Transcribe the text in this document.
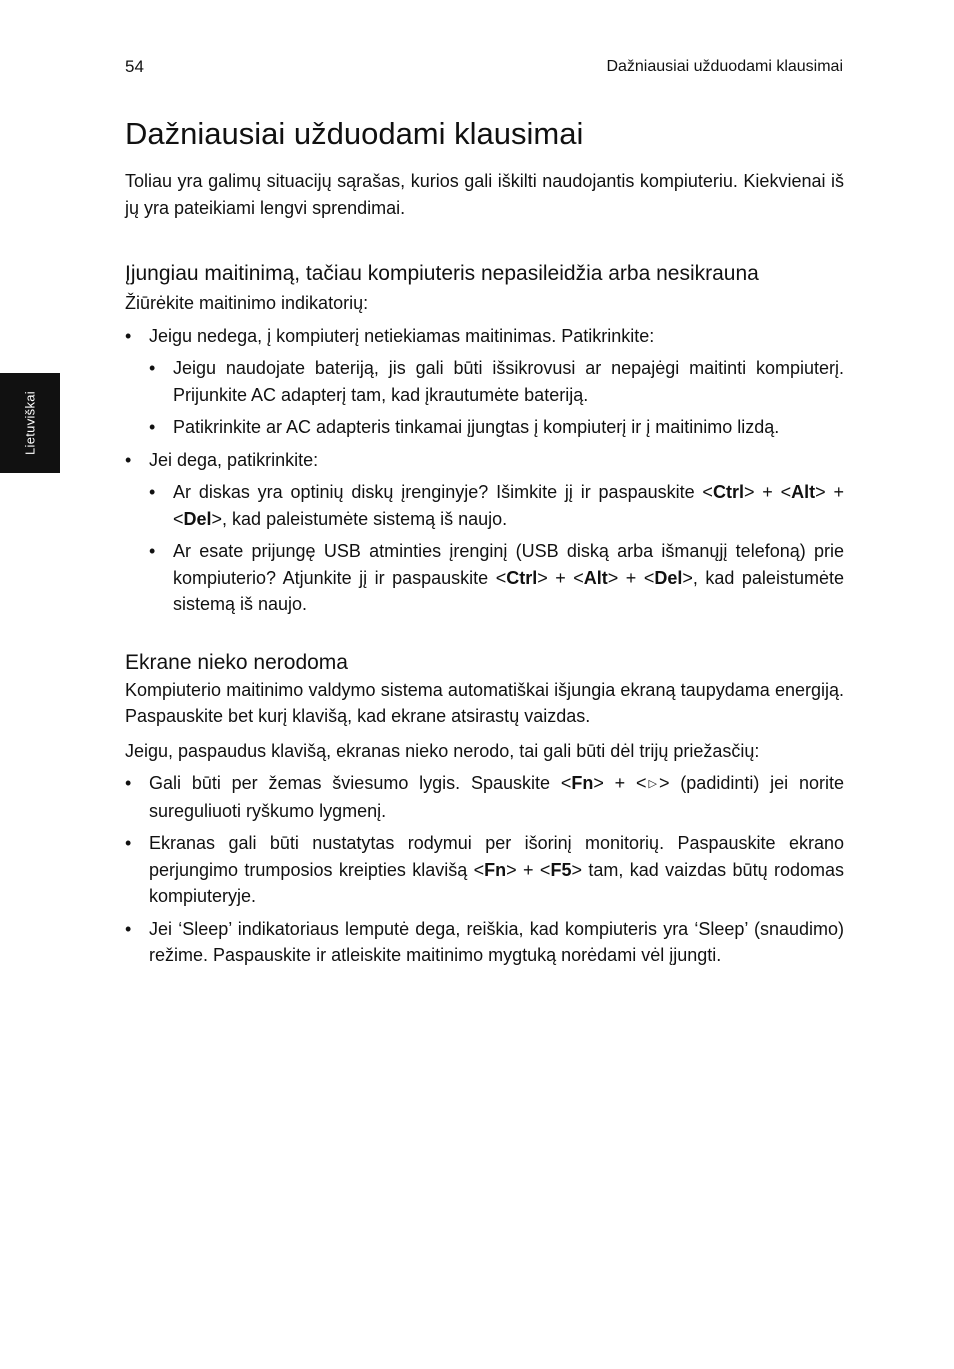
54	Dažniausiai užduodami klausimai
Lietuviškai
Dažniausiai užduodami klausimai

Toliau yra galimų situacijų sąrašas, kurios gali iškilti naudojantis kompiuteriu. Kiekvienai iš jų yra pateikiami lengvi sprendimai.

Įjungiau maitinimą, tačiau kompiuteris nepasileidžia arba nesikrauna

Žiūrėkite maitinimo indikatorių:

• Jeigu nedega, į kompiuterį netiekiamas maitinimas. Patikrinkite:
• Jeigu naudojate bateriją, jis gali būti išsikrovusi ar nepajėgi maitinti kompiuterį. Prijunkite AC adapterį tam, kad įkrautumėte bateriją.
• Patikrinkite ar AC adapteris tinkamai įjungtas į kompiuterį ir į maitinimo lizdą.
• Jei dega, patikrinkite:
• Ar diskas yra optinių diskų įrenginyje? Išimkite jį ir paspauskite <Ctrl> + <Alt> + <Del>, kad paleistumėte sistemą iš naujo.
• Ar esate prijungę USB atminties įrenginį (USB diską arba išmanųjį telefoną) prie kompiuterio? Atjunkite jį ir paspauskite <Ctrl> + <Alt> + <Del>, kad paleistumėte sistemą iš naujo.
Ekrane nieko nerodoma

Kompiuterio maitinimo valdymo sistema automatiškai išjungia ekraną taupydama energiją. Paspauskite bet kurį klavišą, kad ekrane atsirastų vaizdas.

Jeigu, paspaudus klavišą, ekranas nieko nerodo, tai gali būti dėl trijų priežasčių:

• Gali būti per žemas šviesumo lygis. Spauskite <Fn> + < ▷ > (padidinti) jei norite sureguliuoti ryškumo lygmenį.
• Ekranas gali būti nustatytas rodymui per išorinį monitorių. Paspauskite ekrano perjungimo trumposios kreipties klavišą <Fn> + <F5> tam, kad vaizdas būtų rodomas kompiuteryje.
• Jei ‘Sleep’ indikatoriaus lemputė dega, reiškia, kad kompiuteris yra ‘Sleep’ (snaudimo) režime. Paspauskite ir atleiskite maitinimo mygtuką norėdami vėl įjungti.
